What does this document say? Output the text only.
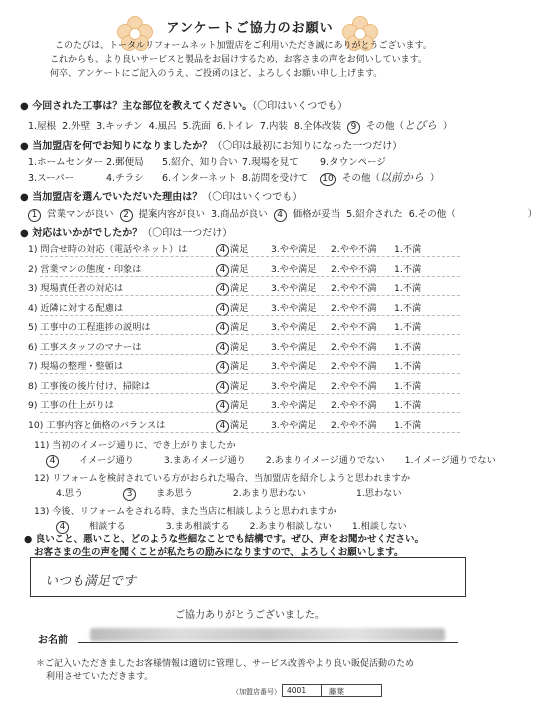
アンケートご協力のお願い
このたびは、トータルリフォームネット加盟店をご利用いただき誠にありがとうございます。
これからも、より良いサービスと製品をお届けするため、お客さまの声をお伺いしています。
何卒、アンケートにご記入のうえ、ご投函のほど、よろしくお願い申し上げます。
● 今回された工事は？主な部位を教えてください。（〇印はいくつでも）
1.屋根 2.外壁 3.キッチン 4.風呂 5.洗面 6.トイレ 7.内装 8.全体改装 9 その他（とびら ）
● 当加盟店を何でお知りになりましたか？（〇印は最初にお知りになった一つだけ）
1.ホームセンター 2.郵便局 5.紹介、知り合い 7.現場を見て 9.タウンページ
3.スーパー	4.チラシ 6.インターネット 8.訪問を受けて 10 その他（以前から ）
● 当加盟店を選んでいただいた理由は？（〇印はいくつでも）
1 営業マンが良い 2 提案内容が良い 3.商品が良い 4 価格が妥当 5.紹介された 6.その他（	）
● 対応はいかがでしたか？（〇印は一つだけ）
1) 問合せ時の対応（電話やネット）は	4 満足 3.やや満足 2.やや不満 1.不満
2) 営業マンの態度・印象は	4 満足 3.やや満足 2.やや不満 1.不満
3) 現場責任者の対応は	4 満足 3.やや満足 2.やや不満 1.不満
4) 近隣に対する配慮は	4 満足 3.やや満足 2.やや不満 1.不満
5) 工事中の工程進捗の説明は	4 満足 3.やや満足 2.やや不満 1.不満
6) 工事スタッフのマナーは	4 満足 3.やや満足 2.やや不満 1.不満
7) 現場の整理・整頓は	4 満足 3.やや満足 2.やや不満 1.不満
8) 工事後の後片付け、掃除は	4 満足 3.やや満足 2.やや不満 1.不満
9) 工事の仕上がりは	4 満足 3.やや満足 2.やや不満 1.不満
10) 工事内容と価格のバランスは	4 満足 3.やや満足 2.やや不満 1.不満
11) 当初のイメージ通りに、でき上がりましたか
4	イメージ通り	3.まあイメージ通り 2.あまりイメージ通りでない 1.イメージ通りでない
12) リフォームを検討されている方がおられた場合、当加盟店を紹介しようと思われますか
4.思う	3	まあ思う	2.あまり思わない	1.思わない
13) 今後、リフォームをされる時、また当店に相談しようと思われますか
4	相談する	3.まあ相談する 2.あまり相談しない 1.相談しない
● 良いこと、悪いこと、どのような些細なことでも結構です。ぜひ、声をお聞かせください。
お客さまの生の声を聞くことが私たちの励みになりますので、よろしくお願いします。
いつも満足です
ご協力ありがとうございました。
お名前
＊ご記入いただきましたお客様情報は適切に管理し、サービス改善やより良い販促活動のため
利用させていただきます。
（加盟店番号） 4001	藤葉
